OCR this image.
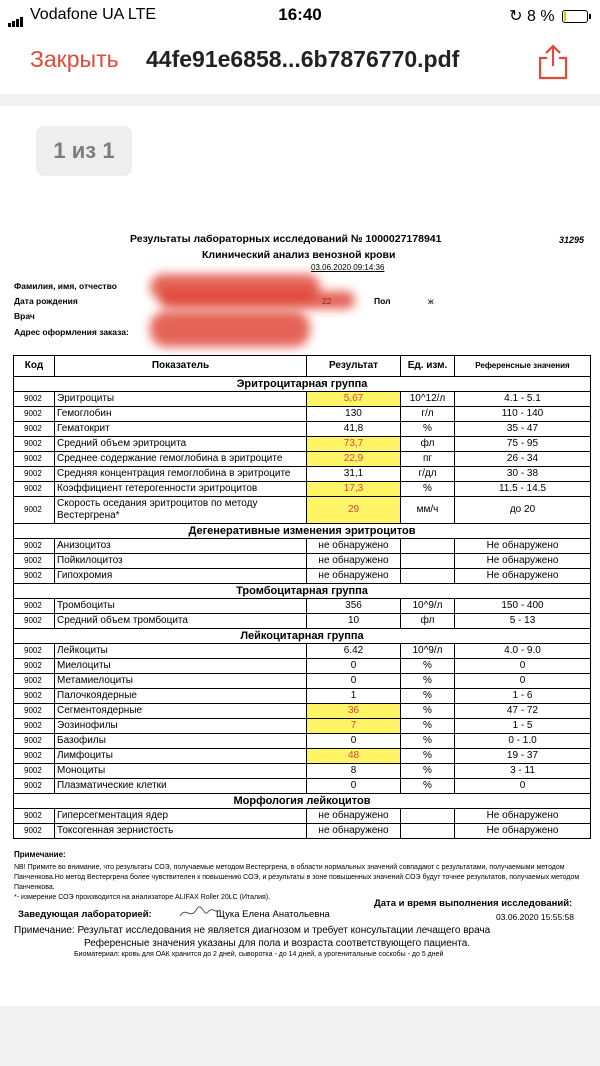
Vodafone UA LTE	16:40	↻ 8 %
Закрыть 44fe91e6858...6b7876770.pdf
Результаты лабораторных исследований № 1000027178941	31295
Клинический анализ венозной крови
03.06.2020 09:14:36
Фамилия, имя, отчество
Дата рождения	Пол	ж
Врач
Адрес оформления заказа:
Код	Показатель	Результат	Ед. изм.	Референсные значения
Эритроцитарная группа				
9002	Эритроциты	5,67	10^12/л	4.1 - 5.1
9002	Гемоглобин	130	г/л	110 - 140
9002	Гематокрит	41,8	%	35 - 47
9002	Средний объем эритроцита	73,7	фл	75 - 95
9002	Среднее содержание гемоглобина в эритроците	22,9	пг	26 - 34
9002	Средняя концентрация гемоглобина в эритроците	31,1	г/дл	30 - 38
9002	Коэффициент гетерогенности эритроцитов	17,3	%	11.5 - 14.5
9002	Скорость оседания эритроцитов по методу Вестергрена*	29	мм/ч	до 20
Дегенеративные изменения эритроцитов				
9002	Анизоцитоз	не обнаружено		Не обнаружено
9002	Пойкилоцитоз	не обнаружено		Не обнаружено
9002	Гипохромия	не обнаружено		Не обнаружено
Тромбоцитарная группа				
9002	Тромбоциты	356	10^9/л	150 - 400
9002	Средний объем тромбоцита	10	фл	5 - 13
Лейкоцитарная группа				
9002	Лейкоциты	6.42	10^9/л	4.0 - 9.0
9002	Миелоциты	0	%	0
9002	Метамиелоциты	0	%	0
9002	Палочкоядерные	1	%	1 - 6
9002	Сегментоядерные	36	%	47 - 72
9002	Эозинофилы	7	%	1 - 5
9002	Базофилы	0	%	0 - 1.0
9002	Лимфоциты	48	%	19 - 37
9002	Моноциты	8	%	3 - 11
9002	Плазматические клетки	0	%	0
Морфология лейкоцитов				
9002	Гиперсегментация ядер	не обнаружено		Не обнаружено
9002	Токсогенная зернистость	не обнаружено		Не обнаружено
Примечание:
NB! Примите во внимание, что результаты СОЭ, получаемые методом Вестергрена, в области нормальных значений совпадают с результатами, получаемыми методом Панченкова.Но метод Вестергрена более чувствителен к повышению СОЭ, и результаты в зоне повышенных значений СОЭ будут точнее результатов, получаемых методом Панченкова.
*- измерение СОЭ производится на анализаторе ALIFAX Roller 20LC (Италия).
Заведующая лабораторией:	Щука Елена Анатольевна
Дата и время выполнения исследований:
03.06.2020 15:55:58
Примечание: Результат исследования не является диагнозом и требует консультации лечащего врача
Референсные значения указаны для пола и возраста соответствующего пациента.
Биоматериал: кровь для ОАК хранится до 2 дней, сыворотка - до 14 дней, а урогенитальные соскобы - до 5 дней
1 из 1
